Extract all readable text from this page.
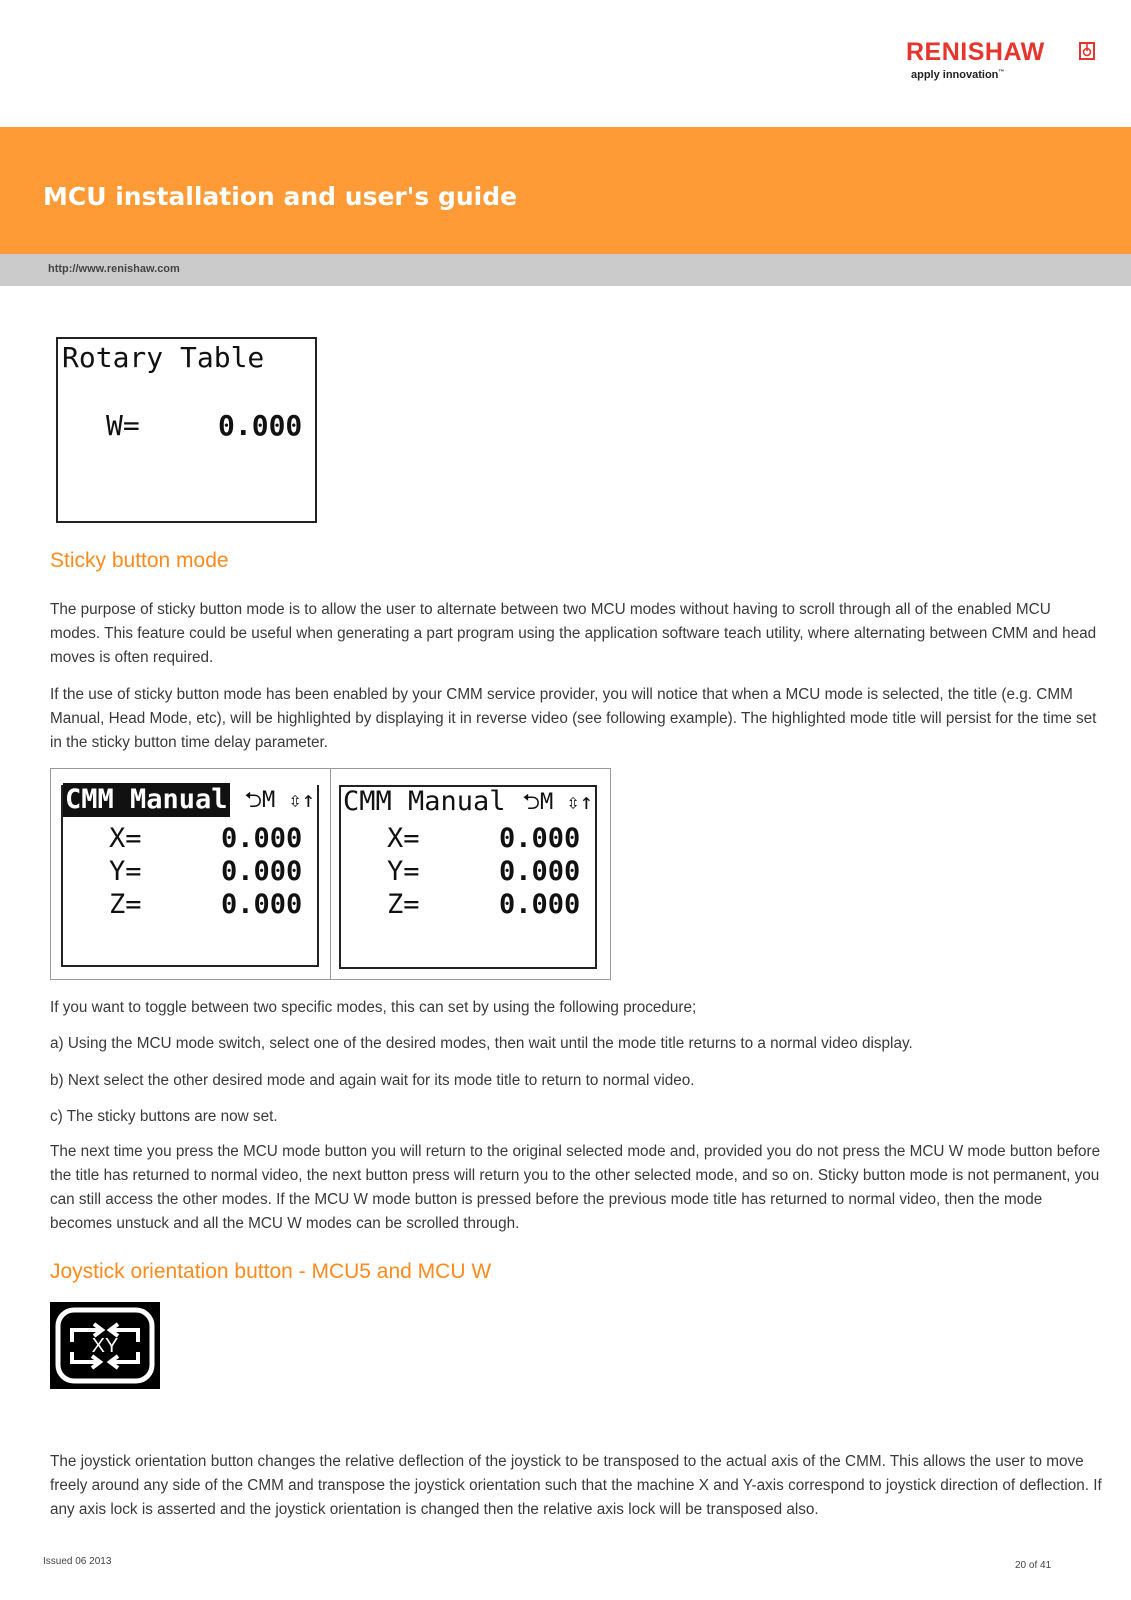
RENISHAW
apply innovation™
MCU installation and user's guide
http://www.renishaw.com
Rotary Table
W=	0.000
Sticky button mode
The purpose of sticky button mode is to allow the user to alternate between two MCU modes without having to scroll through all of the enabled MCU modes. This feature could be useful when generating a part program using the application software teach utility, where alternating between CMM and head moves is often required.
If the use of sticky button mode has been enabled by your CMM service provider, you will notice that when a MCU mode is selected, the title (e.g. CMM Manual, Head Mode, etc), will be highlighted by displaying it in reverse video (see following example). The highlighted mode title will persist for the time set in the sticky button time delay parameter.
CMM Manual ⮌M ⇳↑
X=	0.000
Y=	0.000
Z=	0.000
CMM Manual ⮌M ⇳↑
X=	0.000
Y=	0.000
Z=	0.000
If you want to toggle between two specific modes, this can set by using the following procedure;
a) Using the MCU mode switch, select one of the desired modes, then wait until the mode title returns to a normal video display.
b) Next select the other desired mode and again wait for its mode title to return to normal video.
c) The sticky buttons are now set.
The next time you press the MCU mode button you will return to the original selected mode and, provided you do not press the MCU W mode button before the title has returned to normal video, the next button press will return you to the other selected mode, and so on. Sticky button mode is not permanent, you can still access the other modes. If the MCU W mode button is pressed before the previous mode title has returned to normal video, then the mode becomes unstuck and all the MCU W modes can be scrolled through.
Joystick orientation button - MCU5 and MCU W
XY
The joystick orientation button changes the relative deflection of the joystick to be transposed to the actual axis of the CMM. This allows the user to move freely around any side of the CMM and transpose the joystick orientation such that the machine X and Y-axis correspond to joystick direction of deflection. If any axis lock is asserted and the joystick orientation is changed then the relative axis lock will be transposed also.
Issued 06 2013	20 of 41
